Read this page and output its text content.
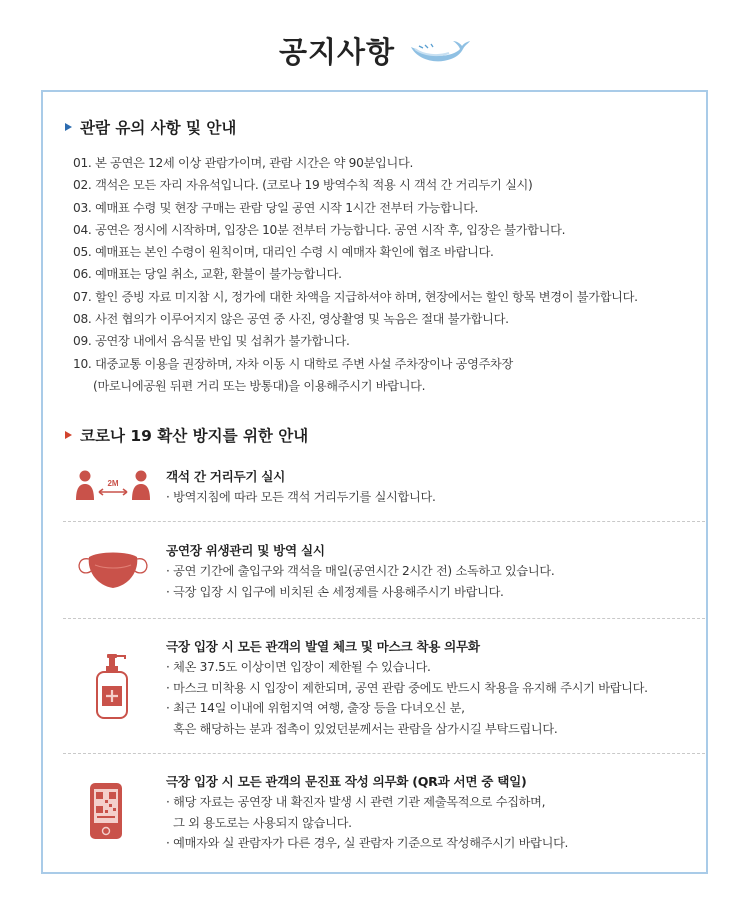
공지사항
관람 유의 사항 및 안내
01. 본 공연은 12세 이상 관람가이며, 관람 시간은 약 90분입니다.
02. 객석은 모든 자리 자유석입니다. (코로나 19 방역수칙 적용 시 객석 간 거리두기 실시)
03. 예매표 수령 및 현장 구매는 관람 당일 공연 시작 1시간 전부터 가능합니다.
04. 공연은 정시에 시작하며, 입장은 10분 전부터 가능합니다. 공연 시작 후, 입장은 불가합니다.
05. 예매표는 본인 수령이 원칙이며, 대리인 수령 시 예매자 확인에 협조 바랍니다.
06. 예매표는 당일 취소, 교환, 환불이 불가능합니다.
07. 할인 증빙 자료 미지참 시, 정가에 대한 차액을 지급하셔야 하며, 현장에서는 할인 항목 변경이 불가합니다.
08. 사전 협의가 이루어지지 않은 공연 중 사진, 영상촬영 및 녹음은 절대 불가합니다.
09. 공연장 내에서 음식물 반입 및 섭취가 불가합니다.
10. 대중교통 이용을 권장하며, 자차 이동 시 대학로 주변 사설 주차장이나 공영주차장
(마로니에공원 뒤편 거리 또는 방통대)을 이용해주시기 바랍니다.
코로나 19 확산 방지를 위한 안내
2M	객석 간 거리두기 실시
· 방역지침에 따라 모든 객석 거리두기를 실시합니다.
공연장 위생관리 및 방역 실시
· 공연 기간에 출입구와 객석을 매일(공연시간 2시간 전) 소독하고 있습니다.
· 극장 입장 시 입구에 비치된 손 세정제를 사용해주시기 바랍니다.
극장 입장 시 모든 관객의 발열 체크 및 마스크 착용 의무화
· 체온 37.5도 이상이면 입장이 제한될 수 있습니다.
· 마스크 미착용 시 입장이 제한되며, 공연 관람 중에도 반드시 착용을 유지해 주시기 바랍니다.
· 최근 14일 이내에 위험지역 여행, 출장 등을 다녀오신 분,
혹은 해당하는 분과 접촉이 있었던분께서는 관람을 삼가시길 부탁드립니다.
극장 입장 시 모든 관객의 문진표 작성 의무화 (QR과 서면 중 택일)
· 해당 자료는 공연장 내 확진자 발생 시 관련 기관 제출목적으로 수집하며,
그 외 용도로는 사용되지 않습니다.
· 예매자와 실 관람자가 다른 경우, 실 관람자 기준으로 작성해주시기 바랍니다.
